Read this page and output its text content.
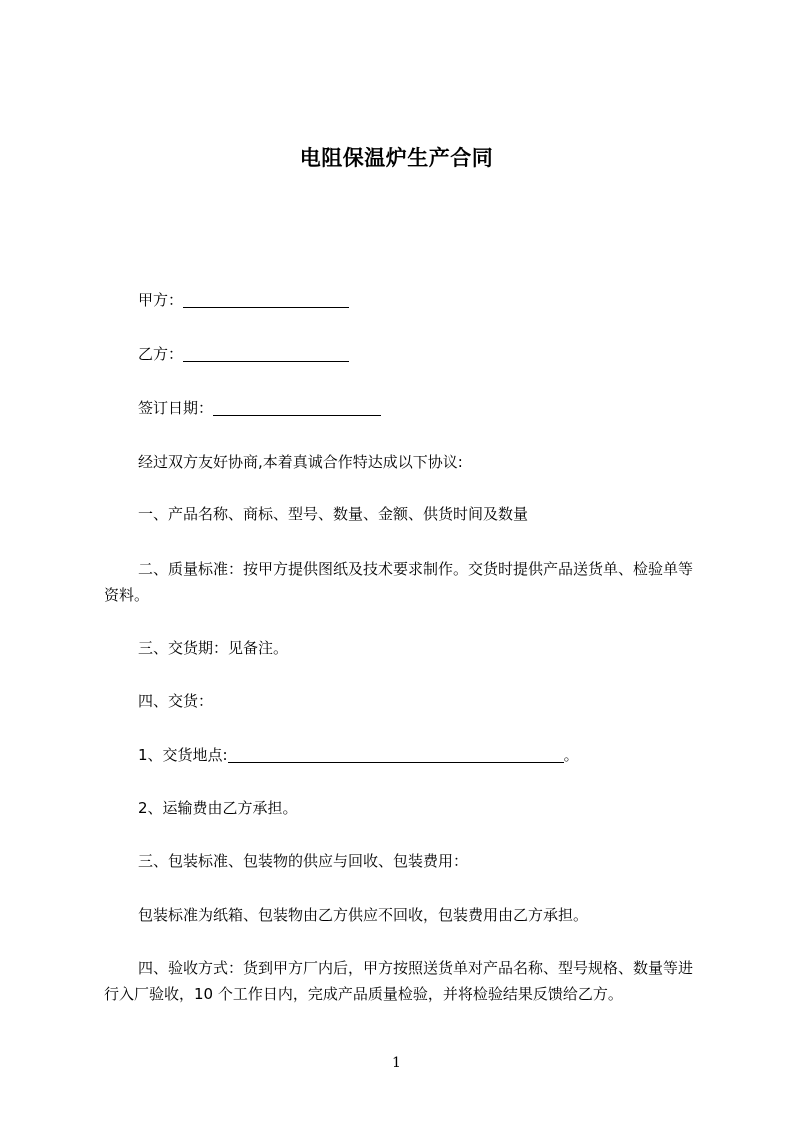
电阻保温炉生产合同
甲方：
乙方：
签订日期：
经过双方友好协商,本着真诚合作特达成以下协议:
一、产品名称、商标、型号、数量、金额、供货时间及数量
二、质量标准：按甲方提供图纸及技术要求制作。交货时提供产品送货单、检验单等资料。
三、交货期：见备注。
四、交货：
1、交货地点:	。
2、运输费由乙方承担。
三、包装标准、包装物的供应与回收、包装费用：
包装标准为纸箱、包装物由乙方供应不回收，包装费用由乙方承担。
四、验收方式：货到甲方厂内后，甲方按照送货单对产品名称、型号规格、数量等进行入厂验收，10 个工作日内，完成产品质量检验，并将检验结果反馈给乙方。
1
